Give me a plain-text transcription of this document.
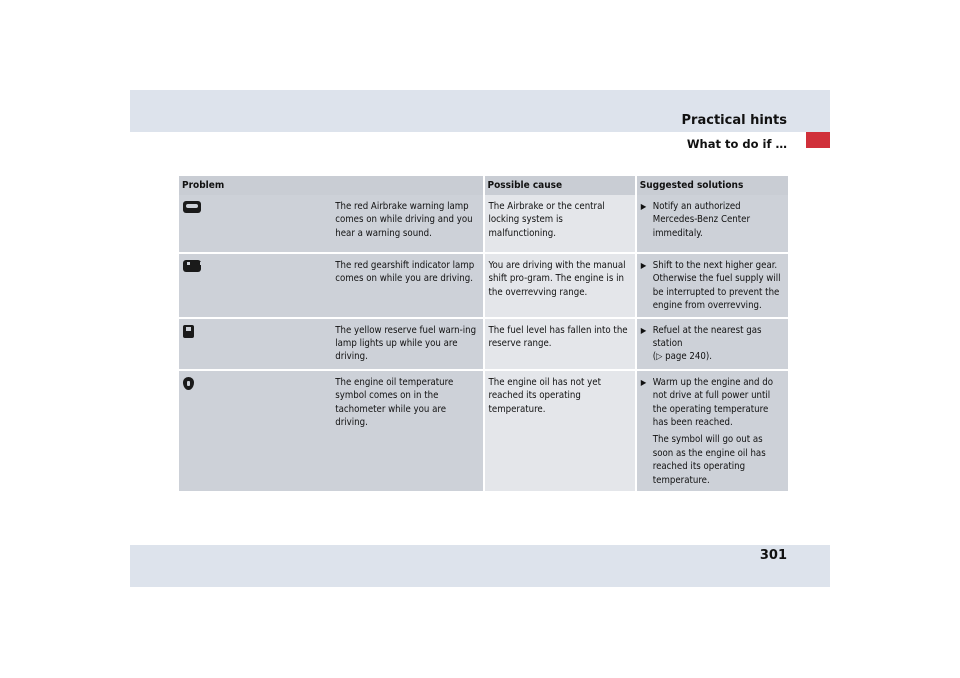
Practical hints
What to do if …
Problem		Possible cause	Suggested solutions
	The red Airbrake warning lamp comes on while driving and you hear a warning sound.	The Airbrake or the central locking system is malfunctioning.	▶ Notify an authorized Mercedes-Benz Center immeditaly.

	The red gearshift indicator lamp comes on while you are driving.	You are driving with the manual shift pro-gram. The engine is in the overrevving range.	▶ Shift to the next higher gear. Otherwise the fuel supply will be interrupted to prevent the engine from overrevving.

	The yellow reserve fuel warn-ing lamp lights up while you are driving.	The fuel level has fallen into the reserve range.	▶ Refuel at the nearest gas station
(▷ page 240).

	The engine oil temperature symbol comes on in the tachometer while you are driving.	The engine oil has not yet reached its operating temperature.	▶ Warm up the engine and do not drive at full power until the operating temperature has been reached.
The symbol will go out as soon as the engine oil has reached its operating temperature.
301
